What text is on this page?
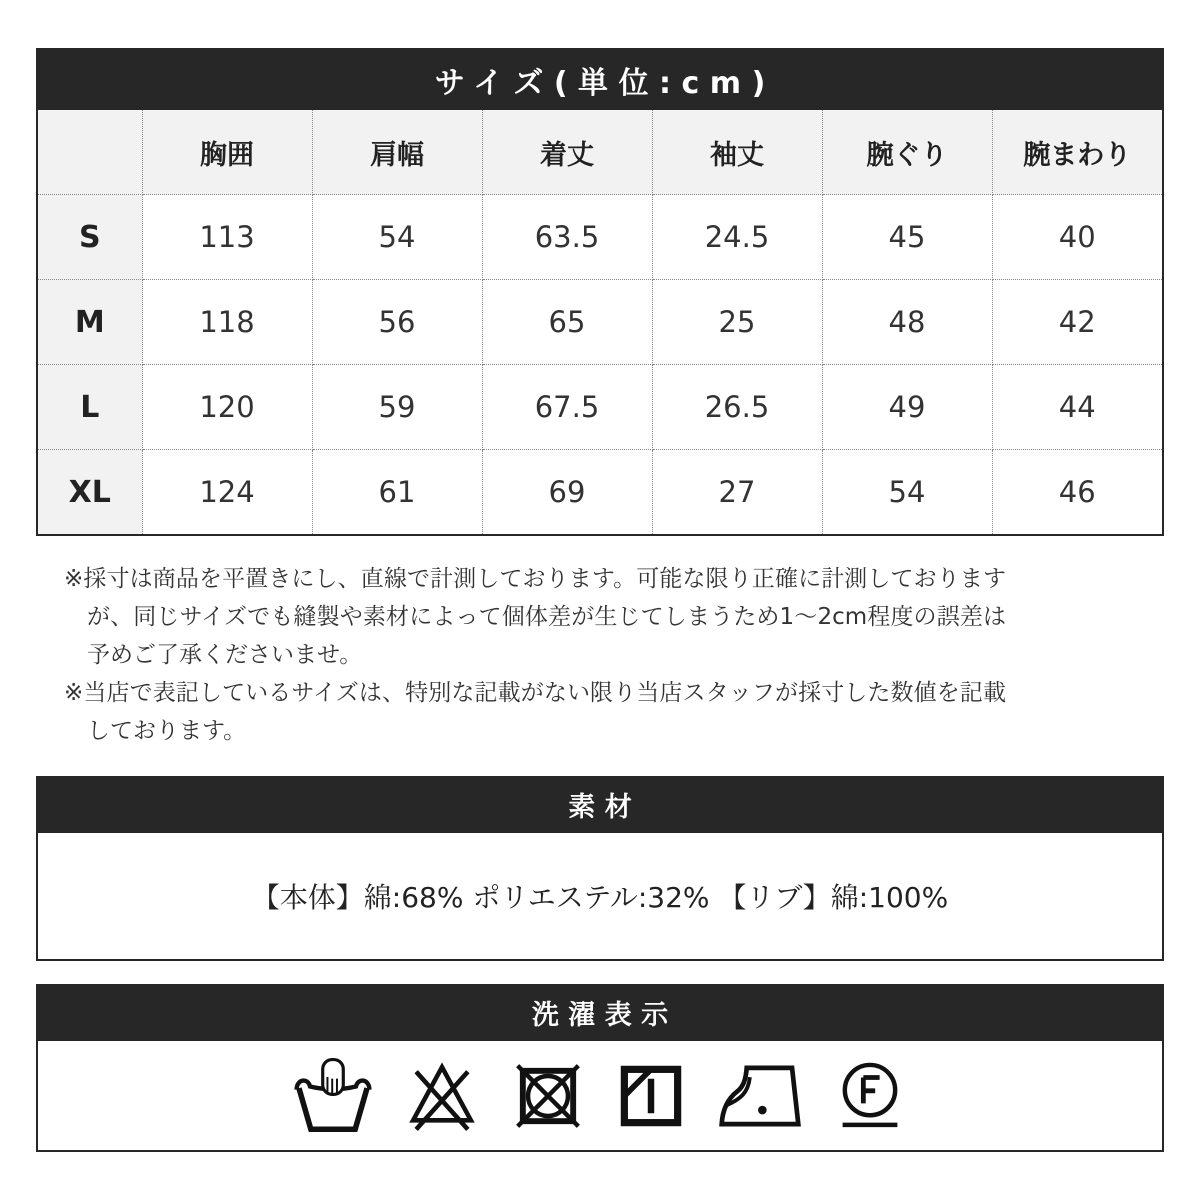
サイズ(単位:cm)
	胸囲	肩幅	着丈	袖丈	腕ぐり	腕まわり
S	113	54	63.5	24.5	45	40
M	118	56	65	25	48	42
L	120	59	67.5	26.5	49	44
XL	124	61	69	27	54	46

※採寸は商品を平置きにし、直線で計測しております。可能な限り正確に計測しておりますが、同じサイズでも縫製や素材によって個体差が生じてしまうため1〜2cm程度の誤差は予めご了承くださいませ。

※当店で表記しているサイズは、特別な記載がない限り当店スタッフが採寸した数値を記載しております。

素材
【本体】綿:68% ポリエステル:32% 【リブ】綿:100%
洗濯表示
